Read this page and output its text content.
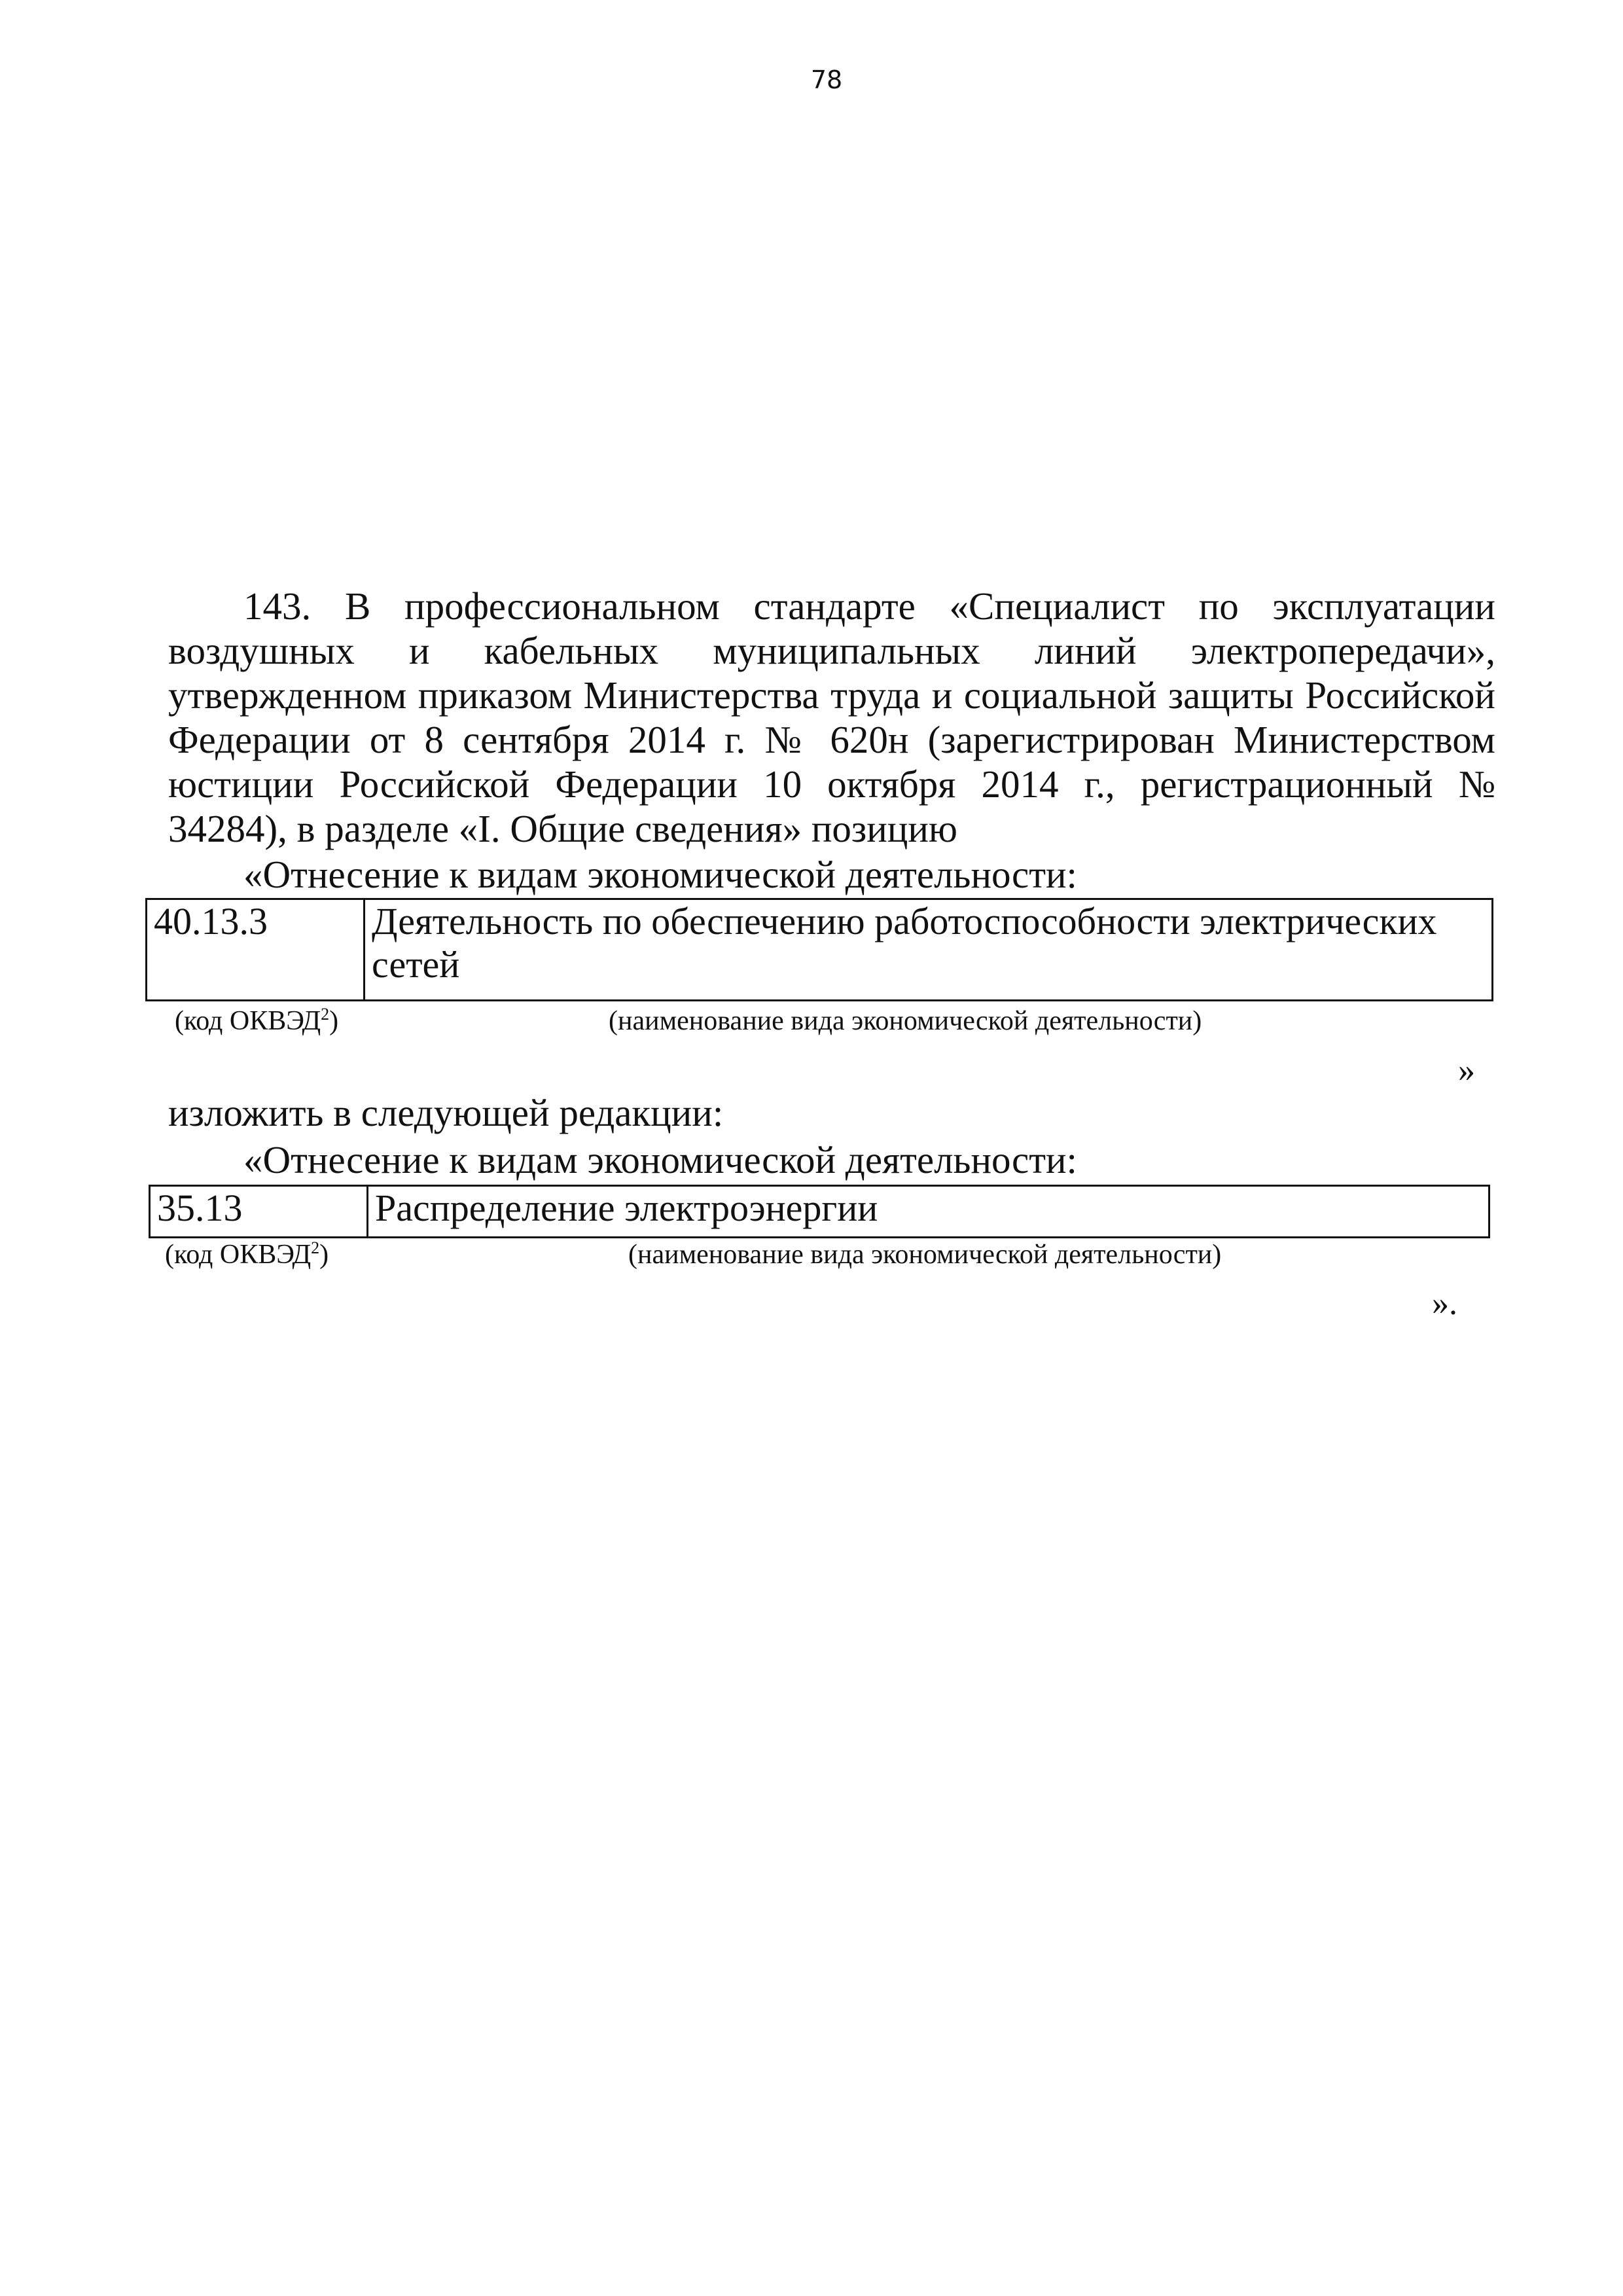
78

143. В профессиональном стандарте «Специалист по эксплуатации воздушных и кабельных муниципальных линий электропередачи», утвержденном приказом Министерства труда и социальной защиты Российской Федерации от 8 сентября 2014 г. № 620н (зарегистрирован Министерством юстиции Российской Федерации 10 октября 2014 г., регистрационный № 34284), в разделе «I. Общие сведения» позицию

«Отнесение к видам экономической деятельности:
40.13.3	Деятельность по обеспечению работоспособности электрических сетей
(код ОКВЭД$^2$)	(наименование вида экономической деятельности)
»
изложить в следующей редакции:
«Отнесение к видам экономической деятельности:
35.13	Распределение электроэнергии
(код ОКВЭД$^2$)	(наименование вида экономической деятельности)
».
